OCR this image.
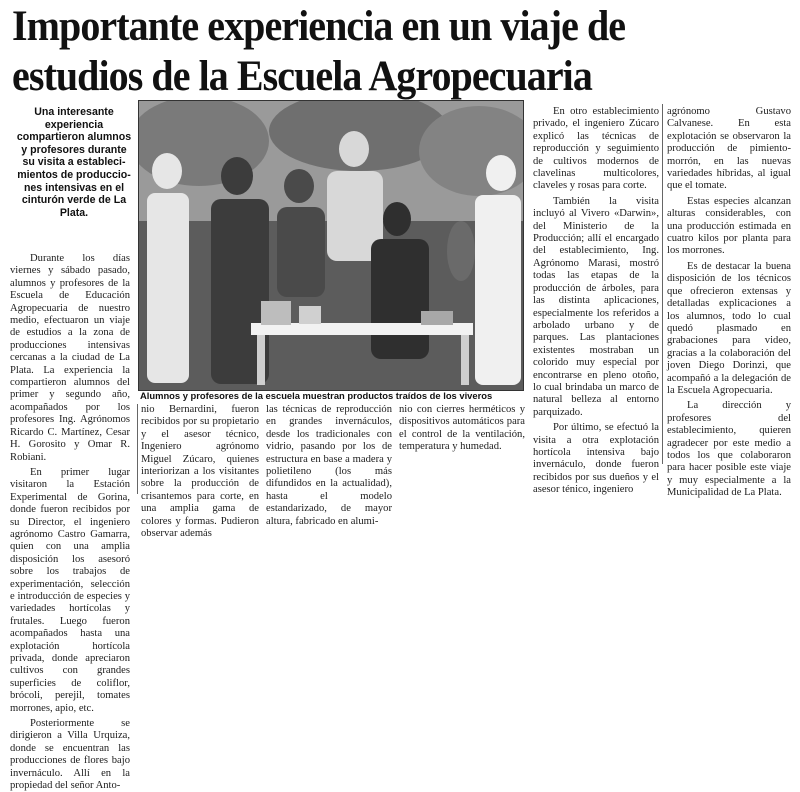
Importante experiencia en un viaje de estudios de la Escuela Agropecuaria
Una interesante experiencia compartieron alumnos y profesores durante su visita a estableci- mientos de produccio- nes intensivas en el cinturón verde de La Plata.

Durante los días viernes y sábado pasado, alumnos y profesores de la Escuela de Educación Agropecuaria de nuestro medio, efectuaron un viaje de estudios a la zona de producciones intensivas cercanas a la ciudad de La Plata. La experiencia la compartieron alumnos del primer y segundo año, acompañados por los profesores Ing. Agrónomos Ricardo C. Martínez, Cesar H. Gorosito y Omar R. Robiani.

En primer lugar visitaron la Estación Experimental de Gorina, donde fueron recibidos por su Director, el ingeniero agrónomo Castro Gamarra, quien con una amplia disposición los asesoró sobre los trabajos de experimentación, selección e introducción de especies y variedades hortícolas y frutales. Luego fueron acompañados hasta una explotación hortícola privada, donde apreciaron cultivos con grandes superficies de coliflor, brócoli, perejil, tomates morrones, apio, etc.

Posteriormente se dirigieron a Villa Urquiza, donde se encuentran las producciones de flores bajo invernáculo. Allí en la propiedad del señor Anto-

Alumnos y profesores de la escuela muestran productos traídos de los viveros

nio Bernardini, fueron recibidos por su propietario y el asesor técnico, Ingeniero agrónomo Miguel Zúcaro, quienes interiorizan a los visitantes sobre la producción de crisantemos para corte, en una amplia gama de colores y formas. Pudieron observar además

las técnicas de reproducción en grandes invernáculos, desde los tradicionales con vidrio, pasando por los de estructura en base a madera y polietileno (los más difundidos en la actualidad), hasta el modelo estandarizado, de mayor altura, fabricado en alumi-

nio con cierres herméticos y dispositivos automáticos para el control de la ventilación, temperatura y humedad.

En otro establecimiento privado, el ingeniero Zúcaro explicó las técnicas de reproducción y seguimiento de cultivos modernos de clavelinas multicolores, claveles y rosas para corte.

También la visita incluyó al Vivero «Darwin», del Ministerio de la Producción; allí el encargado del establecimiento, Ing. Agrónomo Marasi, mostró todas las etapas de la producción de árboles, para las distinta aplicaciones, especialmente los referidos a arbolado urbano y de parques. Las plantaciones existentes mostraban un colorido muy especial por encontrarse en pleno otoño, lo cual brindaba un marco de natural belleza al entorno parquizado.

Por último, se efectuó la visita a otra explotación hortícola intensiva bajo invernáculo, donde fueron recibidos por sus dueños y el asesor ténico, ingeniero

agrónomo Gustavo Calvanese. En esta explotación se observaron la producción de pimiento-morrón, en las nuevas variedades híbridas, al igual que el tomate.

Estas especies alcanzan alturas considerables, con una producción estimada en cuatro kilos por planta para los morrones.

Es de destacar la buena disposición de los técnicos que ofrecieron extensas y detalladas explicaciones a los alumnos, todo lo cual quedó plasmado en grabaciones para video, gracias a la colaboración del joven Diego Dorinzi, que acompañó a la delegación de la Escuela Agropecuaria.

La dirección y profesores del establecimiento, quieren agradecer por este medio a todos los que colaboraron para hacer posible este viaje y muy especialmente a la Municipalidad de La Plata.
